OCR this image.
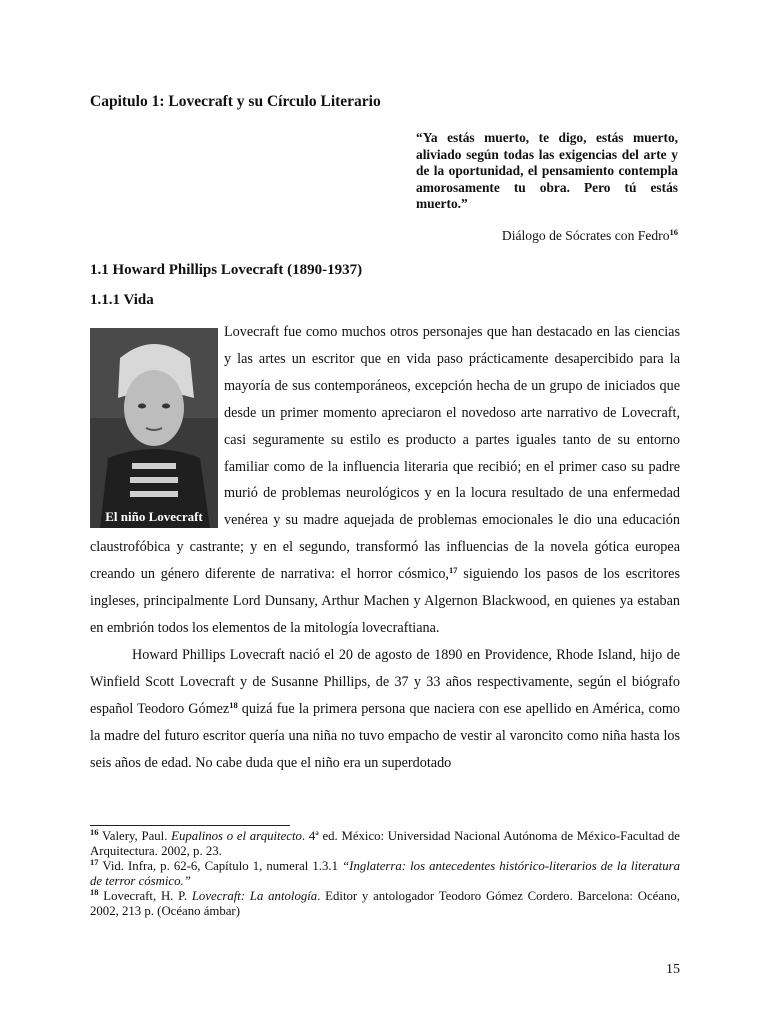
Capitulo 1: Lovecraft y su Círculo Literario

“Ya estás muerto, te digo, estás muerto, aliviado según todas las exigencias del arte y de la oportunidad, el pensamiento contempla amorosamente tu obra. Pero tú estás muerto.”

Diálogo de Sócrates con Fedro$^{16}$
1.1 Howard Phillips Lovecraft (1890-1937)
1.1.1 Vida
El niño Lovecraft

Lovecraft fue como muchos otros personajes que han destacado en las ciencias y las artes un escritor que en vida paso prácticamente desapercibido para la mayoría de sus contemporáneos, excepción hecha de un grupo de iniciados que desde un primer momento apreciaron el novedoso arte narrativo de Lovecraft, casi seguramente su estilo es producto a partes iguales tanto de su entorno familiar como de la influencia literaria que recibió; en el primer caso su padre murió de problemas neurológicos y en la locura resultado de una enfermedad venérea y su madre aquejada de problemas emocionales le dio una educación claustrofóbica y castrante; y en el segundo, transformó las influencias de la novela gótica europea creando un género diferente de narrativa: el horror cósmico,$^{17}$ siguiendo los pasos de los escritores ingleses, principalmente Lord Dunsany, Arthur Machen y Algernon Blackwood, en quienes ya estaban en embrión todos los elementos de la mitología lovecraftiana.

Howard Phillips Lovecraft nació el 20 de agosto de 1890 en Providence, Rhode Island, hijo de Winfield Scott Lovecraft y de Susanne Phillips, de 37 y 33 años respectivamente, según el biógrafo español Teodoro Gómez$^{18}$ quizá fue la primera persona que naciera con ese apellido en América, como la madre del futuro escritor quería una niña no tuvo empacho de vestir al varoncito como niña hasta los seis años de edad. No cabe duda que el niño era un superdotado

$^{16}$ Valery, Paul. Eupalinos o el arquitecto. 4ª ed. México: Universidad Nacional Autónoma de México-Facultad de Arquitectura. 2002, p. 23.

$^{17}$ Vid. Infra, p. 62-6, Capítulo 1, numeral 1.3.1 “Inglaterra: los antecedentes histórico-literarios de la literatura de terror cósmico.”

$^{18}$ Lovecraft, H. P. Lovecraft: La antología. Editor y antologador Teodoro Gómez Cordero. Barcelona: Océano, 2002, 213 p. (Océano ámbar)

15
